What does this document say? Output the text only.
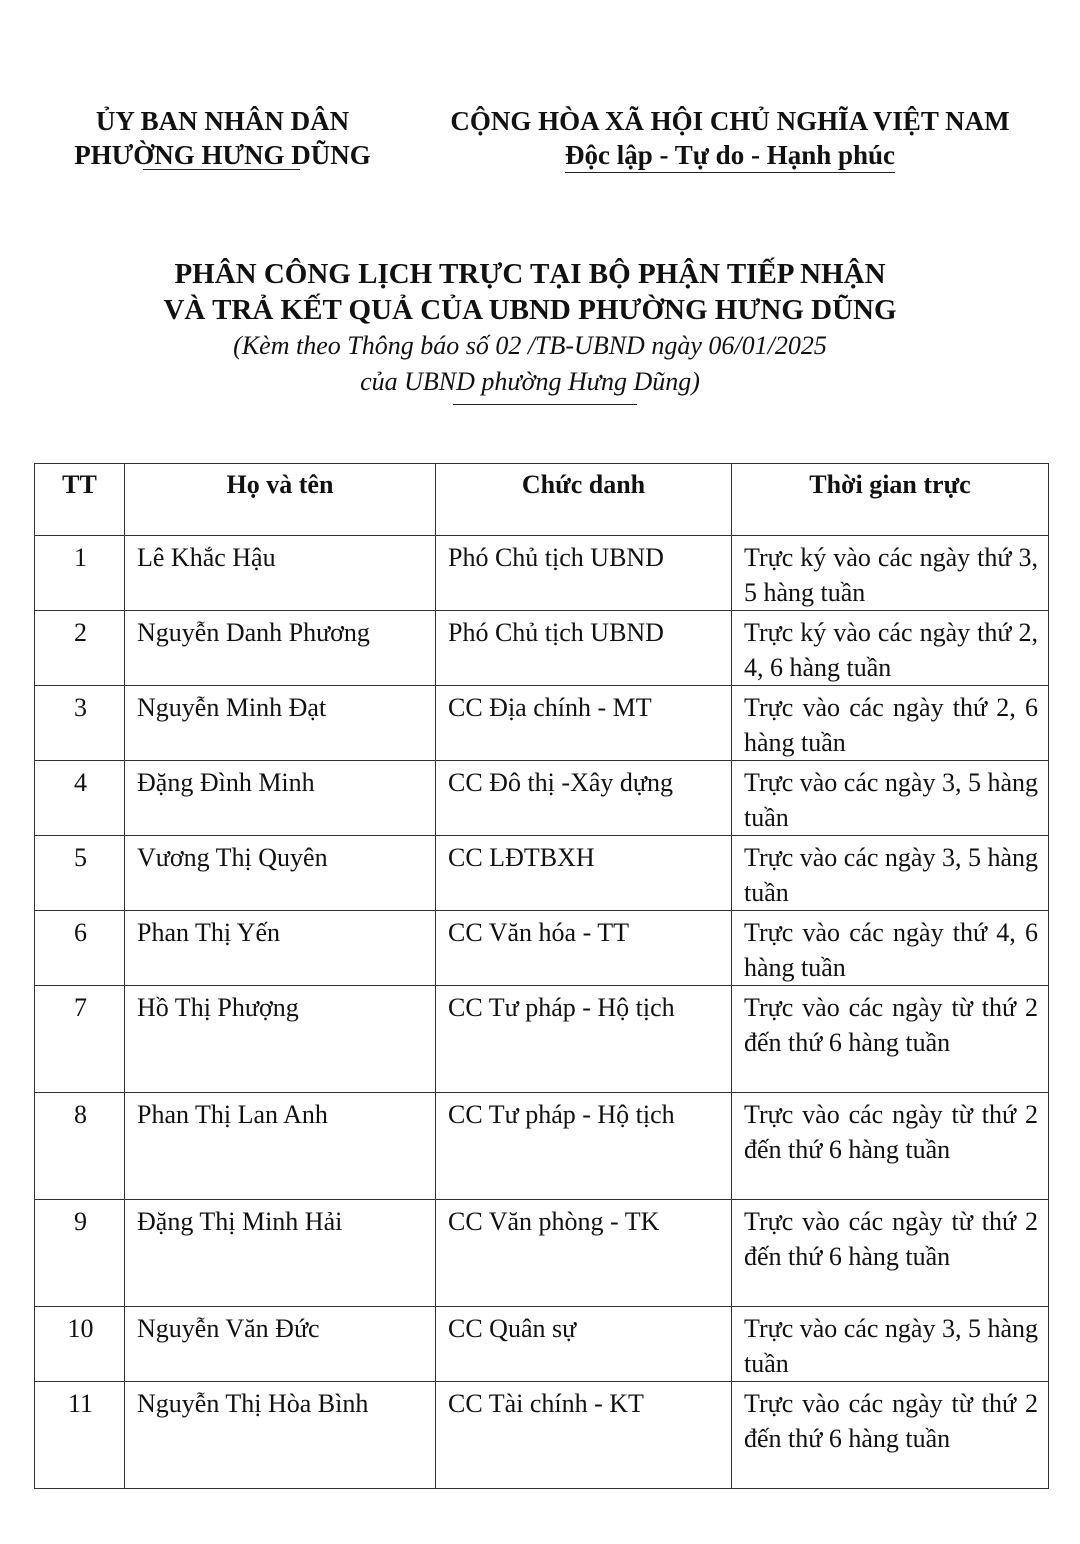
ỦY BAN NHÂN DÂN
PHƯỜNG HƯNG DŨNG
CỘNG HÒA XÃ HỘI CHỦ NGHĨA VIỆT NAM
Độc lập - Tự do - Hạnh phúc
PHÂN CÔNG LỊCH TRỰC TẠI BỘ PHẬN TIẾP NHẬN
VÀ TRẢ KẾT QUẢ CỦA UBND PHƯỜNG HƯNG DŨNG
(Kèm theo Thông báo số 02 /TB-UBND ngày 06/01/2025
của UBND phường Hưng Dũng)
TT	Họ và tên	Chức danh	Thời gian trực
1	Lê Khắc Hậu	Phó Chủ tịch UBND	Trực ký vào các ngày thứ 3, 5 hàng tuần
2	Nguyễn Danh Phương	Phó Chủ tịch UBND	Trực ký vào các ngày thứ 2, 4, 6 hàng tuần
3	Nguyễn Minh Đạt	CC Địa chính - MT	Trực vào các ngày thứ 2, 6 hàng tuần
4	Đặng Đình Minh	CC Đô thị -Xây dựng	Trực vào các ngày 3, 5 hàng tuần
5	Vương Thị Quyên	CC LĐTBXH	Trực vào các ngày 3, 5 hàng tuần
6	Phan Thị Yến	CC Văn hóa - TT	Trực vào các ngày thứ 4, 6 hàng tuần
7	Hồ Thị Phượng	CC Tư pháp - Hộ tịch	Trực vào các ngày từ thứ 2 đến thứ 6 hàng tuần
8	Phan Thị Lan Anh	CC Tư pháp - Hộ tịch	Trực vào các ngày từ thứ 2 đến thứ 6 hàng tuần
9	Đặng Thị Minh Hải	CC Văn phòng - TK	Trực vào các ngày từ thứ 2 đến thứ 6 hàng tuần
10	Nguyễn Văn Đức	CC Quân sự	Trực vào các ngày 3, 5 hàng tuần
11	Nguyễn Thị Hòa Bình	CC Tài chính - KT	Trực vào các ngày từ thứ 2 đến thứ 6 hàng tuần
